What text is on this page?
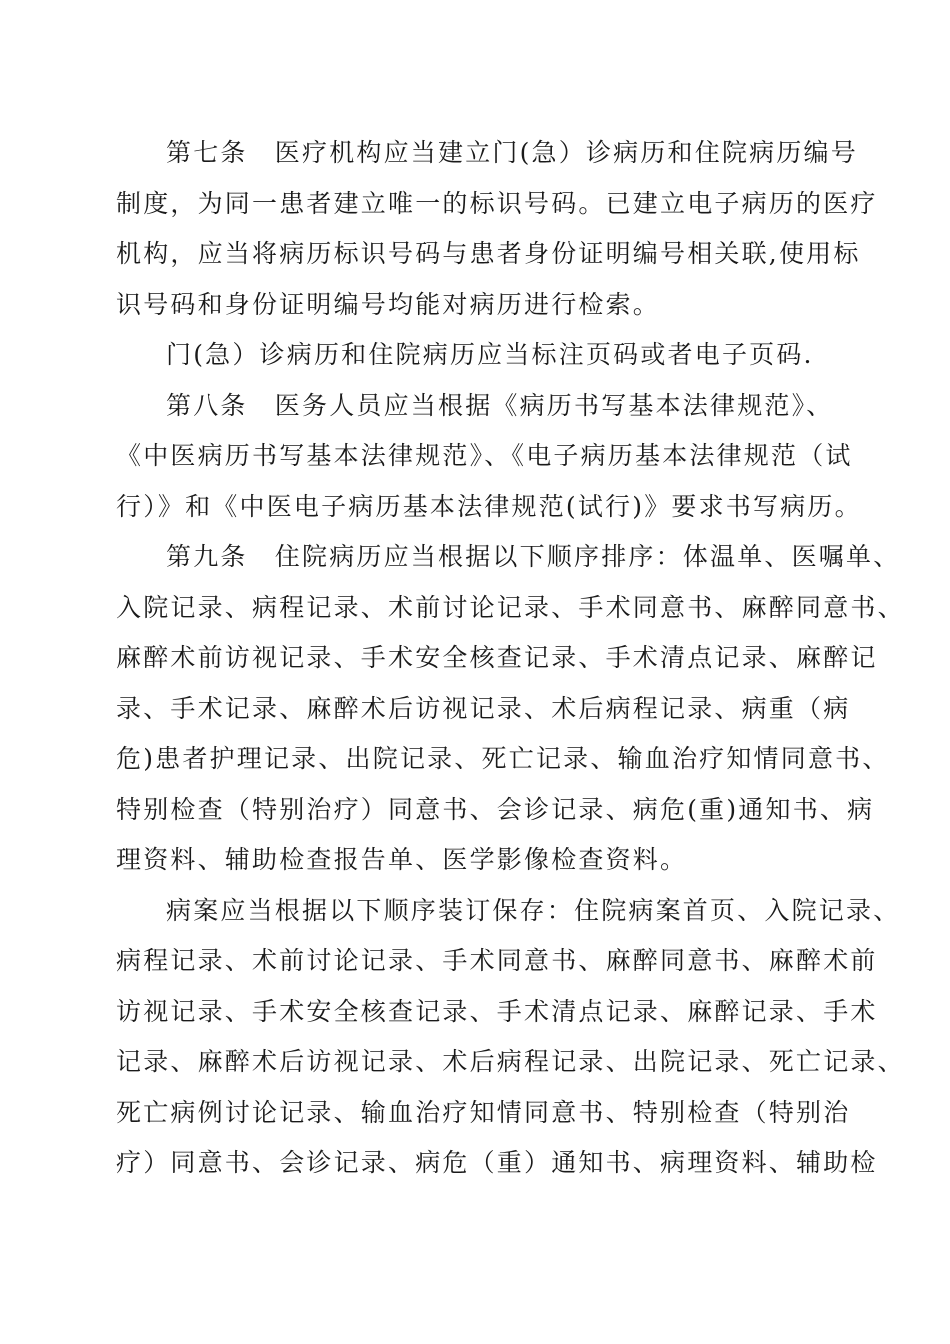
第七条　医疗机构应当建立门(急）诊病历和住院病历编号
制度，为同一患者建立唯一的标识号码。已建立电子病历的医疗
机构，应当将病历标识号码与患者身份证明编号相关联,使用标
识号码和身份证明编号均能对病历进行检索。
门(急）诊病历和住院病历应当标注页码或者电子页码.
第八条　医务人员应当根据《病历书写基本法律规范》、
《中医病历书写基本法律规范》、《电子病历基本法律规范（试
行）》和《中医电子病历基本法律规范(试行)》要求书写病历。
第九条　住院病历应当根据以下顺序排序：体温单、医嘱单、
入院记录、病程记录、术前讨论记录、手术同意书、麻醉同意书、
麻醉术前访视记录、手术安全核查记录、手术清点记录、麻醉记
录、手术记录、麻醉术后访视记录、术后病程记录、病重（病
危)患者护理记录、出院记录、死亡记录、输血治疗知情同意书、
特别检查（特别治疗）同意书、会诊记录、病危(重)通知书、病
理资料、辅助检查报告单、医学影像检查资料。
病案应当根据以下顺序装订保存：住院病案首页、入院记录、
病程记录、术前讨论记录、手术同意书、麻醉同意书、麻醉术前
访视记录、手术安全核查记录、手术清点记录、麻醉记录、手术
记录、麻醉术后访视记录、术后病程记录、出院记录、死亡记录、
死亡病例讨论记录、输血治疗知情同意书、特别检查（特别治
疗）同意书、会诊记录、病危（重）通知书、病理资料、辅助检
